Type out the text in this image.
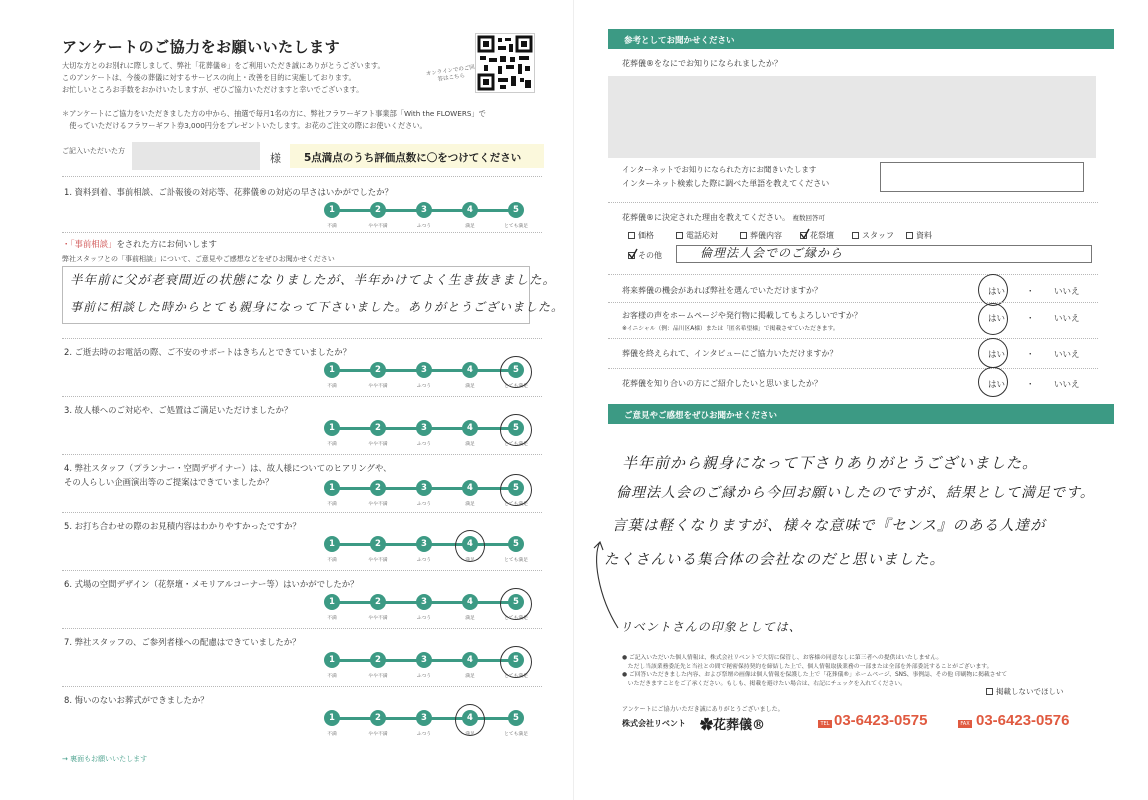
アンケートのご協力をお願いいたします
大切な方とのお別れに際しまして、弊社「花葬儀®」をご利用いただき誠にありがとうございます。
このアンケートは、今後の葬儀に対するサービスの向上・改善を目的に実施しております。
お忙しいところお手数をおかけいたしますが、ぜひご協力いただけますと幸いでございます。
オンラインでのご回答はこちら
＊アンケートにご協力をいただきました方の中から、抽選で毎月1名の方に、弊社フラワーギフト事業部「With the FLOWERS」で
　使っていただけるフラワーギフト券3,000円分をプレゼントいたします。お花のご注文の際にお使いください。
ご記入いただいた方
様	5点満点のうち評価点数に〇をつけてください
1. 資料到着、事前相談、ご訃報後の対応等、花葬儀®の対応の早さはいかがでしたか？
1	2	3	4	5
不満	やや不満	ふつう	満足	とても満足
・「事前相談」をされた方にお伺いします
弊社スタッフとの「事前相談」について、ご意見やご感想などをぜひお聞かせください
半年前に父が老衰間近の状態になりましたが、半年かけてよく生き抜きました。
事前に相談した時からとても親身になって下さいました。ありがとうございました。
2. ご逝去時のお電話の際、ご不安のサポートはきちんとできていましたか？
1	2	3	4	5
不満	やや不満	ふつう	満足	とても満足
3. 故人様へのご対応や、ご処置はご満足いただけましたか？
1	2	3	4	5
不満	やや不満	ふつう	満足	とても満足
4. 弊社スタッフ（プランナー・空間デザイナー）は、故人様についてのヒアリングや、
その人らしい企画演出等のご提案はできていましたか？
1	2	3	4	5
不満	やや不満	ふつう	満足	とても満足
5. お打ち合わせの際のお見積内容はわかりやすかったですか？
1	2	3	4	5
不満	やや不満	ふつう	満足	とても満足
6. 式場の空間デザイン（花祭壇・メモリアルコーナー等）はいかがでしたか？
1	2	3	4	5
不満	やや不満	ふつう	満足	とても満足
7. 弊社スタッフの、ご参列者様への配慮はできていましたか？
1	2	3	4	5
不満	やや不満	ふつう	満足	とても満足
8. 悔いのないお葬式ができましたか？
1	2	3	4	5
不満	やや不満	ふつう	満足	とても満足
→ 裏面もお願いいたします
参考としてお聞かせください
花葬儀®をなにでお知りになられましたか？
インターネットでお知りになられた方にお聞きいたします
インターネット検索した際に調べた単語を教えてください
花葬儀®に決定された理由を教えてください。 複数回答可
価格	電話応対	葬儀内容	花祭壇	スタッフ	資料
その他	倫理法人会でのご縁から
将来葬儀の機会があれば弊社を選んでいただけますか？	はい ・ いいえ
お客様の声をホームページや発行物に掲載してもよろしいですか？
※イニシャル（例：品川区A様）または「匿名希望様」で掲載させていただきます。
はい ・ いいえ
葬儀を終えられて、インタビューにご協力いただけますか？	はい ・ いいえ
花葬儀を知り合いの方にご紹介したいと思いましたか？	はい ・ いいえ
ご意見やご感想をぜひお聞かせください
半年前から親身になって下さりありがとうございました。
倫理法人会のご縁から今回お願いしたのですが、結果として満足です。
言葉は軽くなりますが、様々な意味で『センス』のある人達が
たくさんいる集合体の会社なのだと思いました。
リベントさんの印象としては、
● ご記入いただいた個人情報は、株式会社リベントで大切に保管し、お客様の同意なしに第三者への提供はいたしません。
　ただし当該業務委託先と当社との間で秘密保持契約を締結した上で、個人情報取扱業務の一部または全部を外部委託することがございます。
● ご回答いただきました内容、および祭壇の画像は個人情報を保護した上で「花葬儀®」ホームページ、SNS、事例誌、その他 印刷物に掲載させて
　いただきますことをご了承ください。もしも、掲載を避けたい場合は、右記にチェックを入れてください。
掲載しないでほしい
アンケートにご協力いただき誠にありがとうございました。
株式会社リベント ✿花葬儀®	TEL 03-6423-0575	FAX 03-6423-0576
